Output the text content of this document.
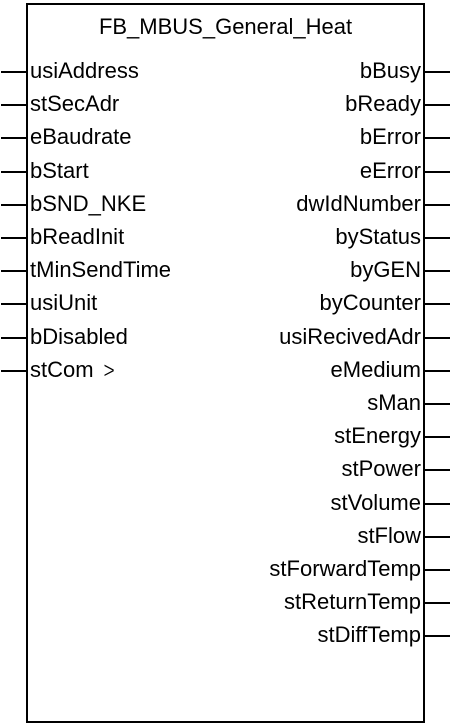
FB_MBUS_General_Heat
usiAddress
stSecAdr
eBaudrate
bStart
bSND_NKE
bReadInit
tMinSendTime
usiUnit
bDisabled
stCom ᐳ
bBusy
bReady
bError
eError
dwIdNumber
byStatus
byGEN
byCounter
usiRecivedAdr
eMedium
sMan
stEnergy
stPower
stVolume
stFlow
stForwardTemp
stReturnTemp
stDiffTemp
